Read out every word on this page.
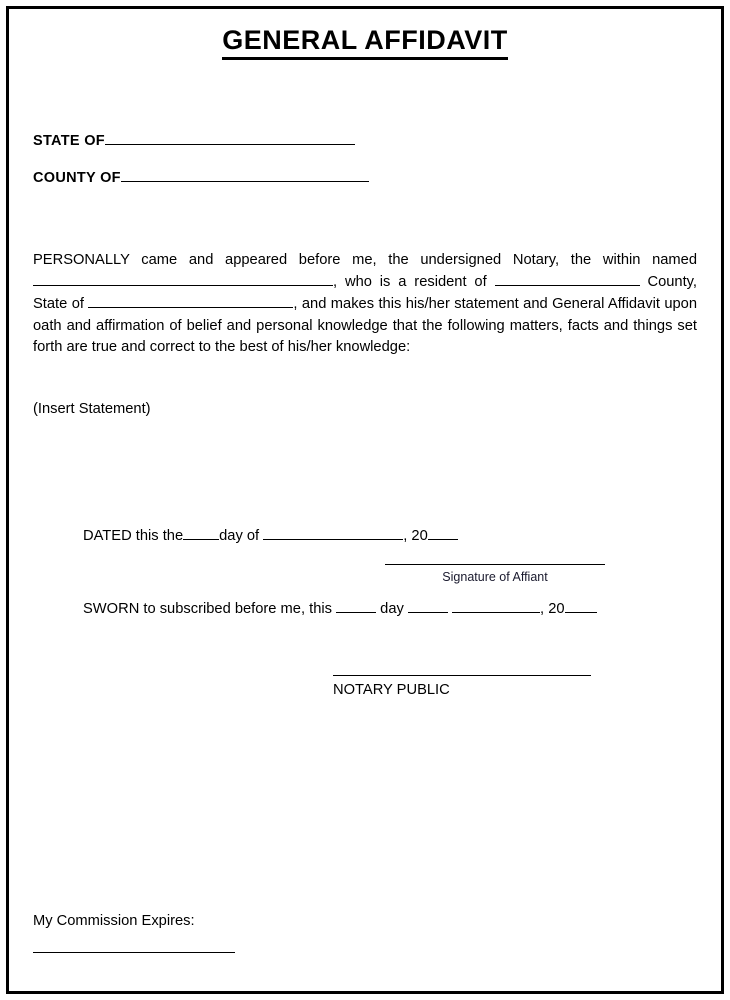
GENERAL AFFIDAVIT
STATE OF
COUNTY OF
PERSONALLY came and appeared before me, the undersigned Notary, the within named, who is a resident of	County, State of	, and makes this his/her statement and General Affidavit upon oath and affirmation of belief and personal knowledge that the following matters, facts and things set forth are true and correct to the best of his/her knowledge:
(Insert Statement)
DATED this the day of	, 20
Signature of Affiant
SWORN to subscribed before me, this	day	, 20
NOTARY PUBLIC
My Commission Expires:
